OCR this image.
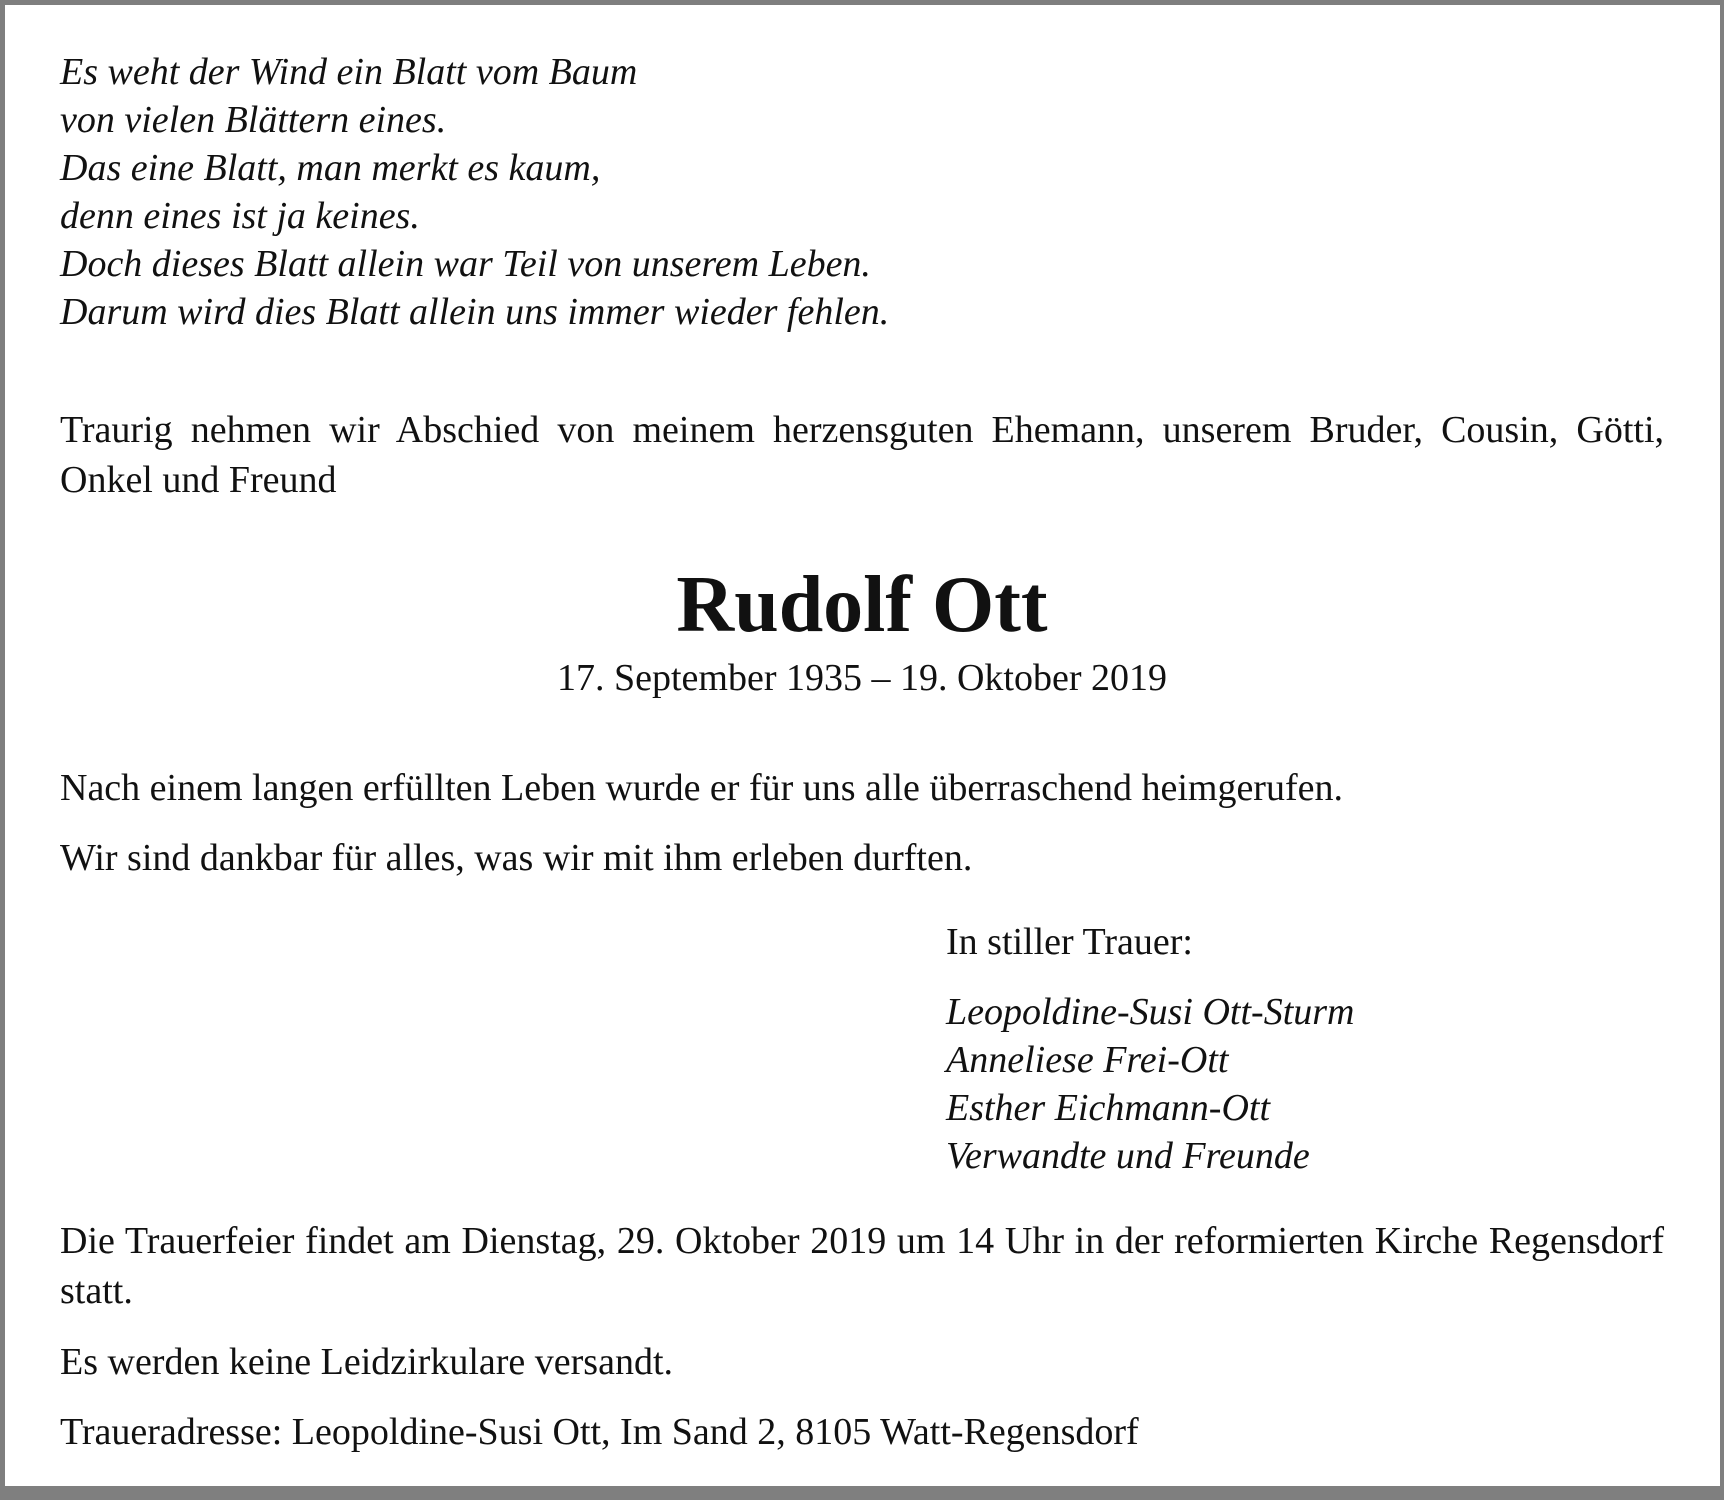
Es weht der Wind ein Blatt vom Baum
von vielen Blättern eines.
Das eine Blatt, man merkt es kaum,
denn eines ist ja keines.
Doch dieses Blatt allein war Teil von unserem Leben.
Darum wird dies Blatt allein uns immer wieder fehlen.
Traurig nehmen wir Abschied von meinem herzensguten Ehemann, unserem Bruder, Cousin, Götti, Onkel und Freund
Rudolf Ott
17. September 1935 – 19. Oktober 2019
Nach einem langen erfüllten Leben wurde er für uns alle überraschend heimgerufen.
Wir sind dankbar für alles, was wir mit ihm erleben durften.
In stiller Trauer:
Leopoldine-Susi Ott-Sturm
Anneliese Frei-Ott
Esther Eichmann-Ott
Verwandte und Freunde
Die Trauerfeier findet am Dienstag, 29. Oktober 2019 um 14 Uhr in der reformierten Kirche Regensdorf statt.
Es werden keine Leidzirkulare versandt.
Traueradresse: Leopoldine-Susi Ott, Im Sand 2, 8105 Watt-Regensdorf
